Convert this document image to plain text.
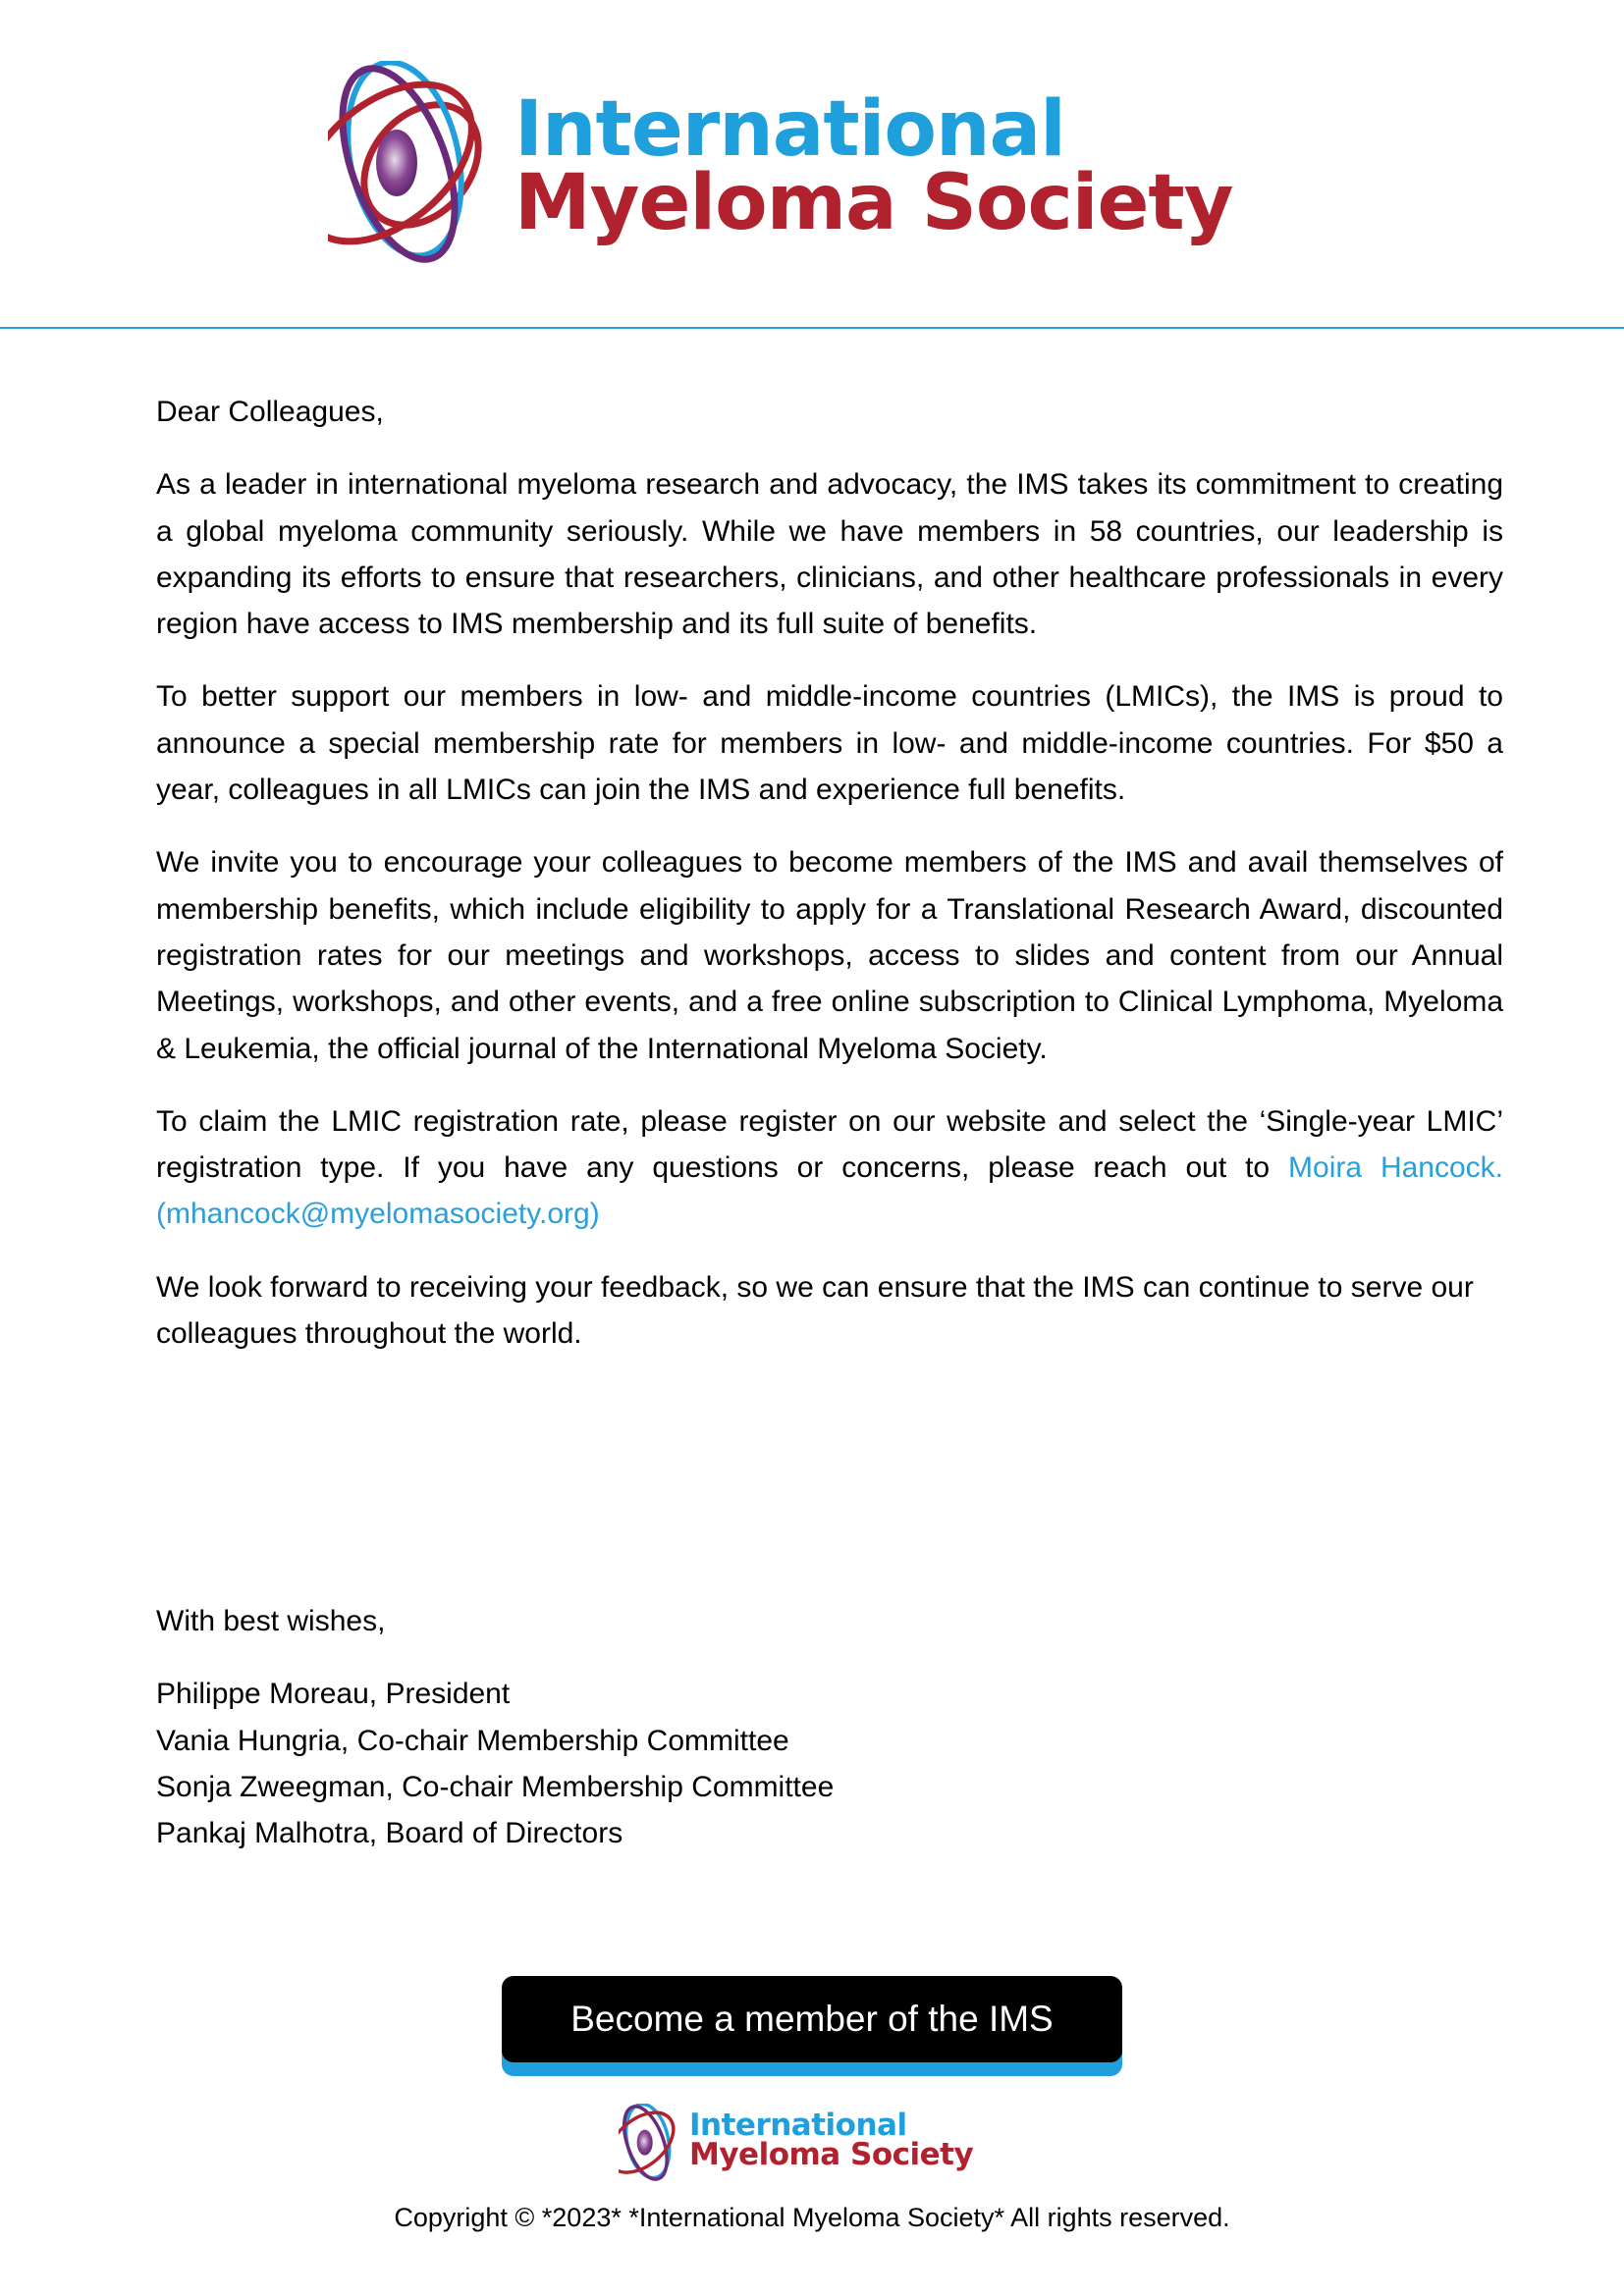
International
Myeloma Society

Dear Colleagues,

As a leader in international myeloma research and advocacy, the IMS takes its commitment to creating a global myeloma community seriously. While we have members in 58 countries, our leadership is expanding its efforts to ensure that researchers, clinicians, and other healthcare professionals in every region have access to IMS membership and its full suite of benefits.

To better support our members in low- and middle-income countries (LMICs), the IMS is proud to announce a special membership rate for members in low- and middle-income countries. For $50 a year, colleagues in all LMICs can join the IMS and experience full benefits.

We invite you to encourage your colleagues to become members of the IMS and avail themselves of membership benefits, which include eligibility to apply for a Translational Research Award, discounted registration rates for our meetings and workshops, access to slides and content from our Annual Meetings, workshops, and other events, and a free online subscription to Clinical Lymphoma, Myeloma & Leukemia, the official journal of the International Myeloma Society.

To claim the LMIC registration rate, please register on our website and select the ‘Single-year LMIC’ registration type. If you have any questions or concerns, please reach out to Moira Hancock. (mhancock@myelomasociety.org)

We look forward to receiving your feedback, so we can ensure that the IMS can continue to serve our colleagues throughout the world.

With best wishes,
Philippe Moreau, President
Vania Hungria, Co-chair Membership Committee
Sonja Zweegman, Co-chair Membership Committee
Pankaj Malhotra, Board of Directors
Become a member of the IMS
International
Myeloma Society
Copyright © *2023* *International Myeloma Society* All rights reserved.
